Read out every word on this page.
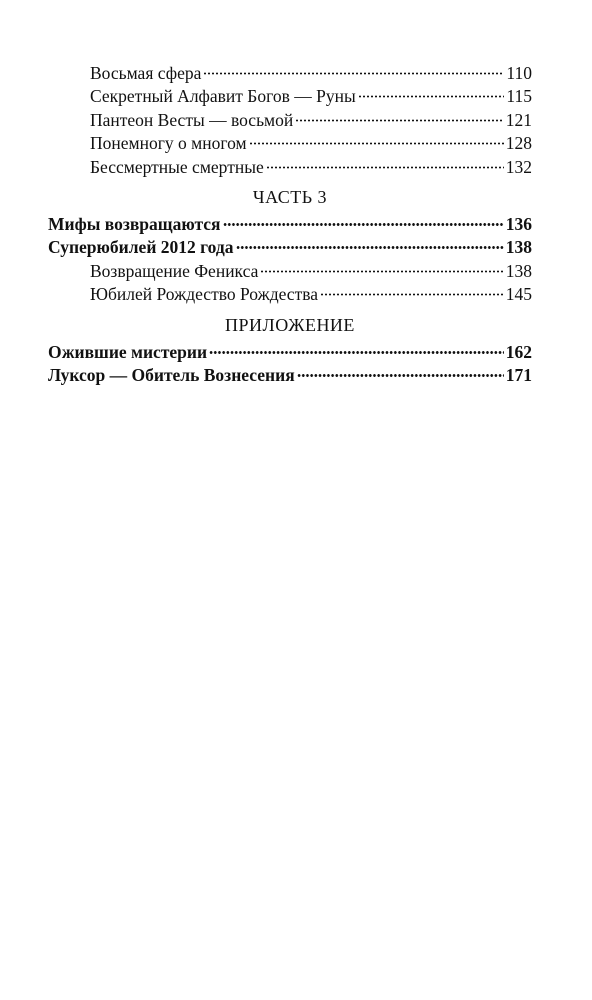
Восьмая сфера	110
Секретный Алфавит Богов — Руны	115
Пантеон Весты — восьмой	121
Понемногу о многом	128
Бессмертные смертные	132
ЧАСТЬ 3
Мифы возвращаются	136
Суперюбилей 2012 года	138
Возвращение Феникса	138
Юбилей Рождество Рождества	145
ПРИЛОЖЕНИЕ
Ожившие мистерии	162
Луксор — Обитель Вознесения	171
